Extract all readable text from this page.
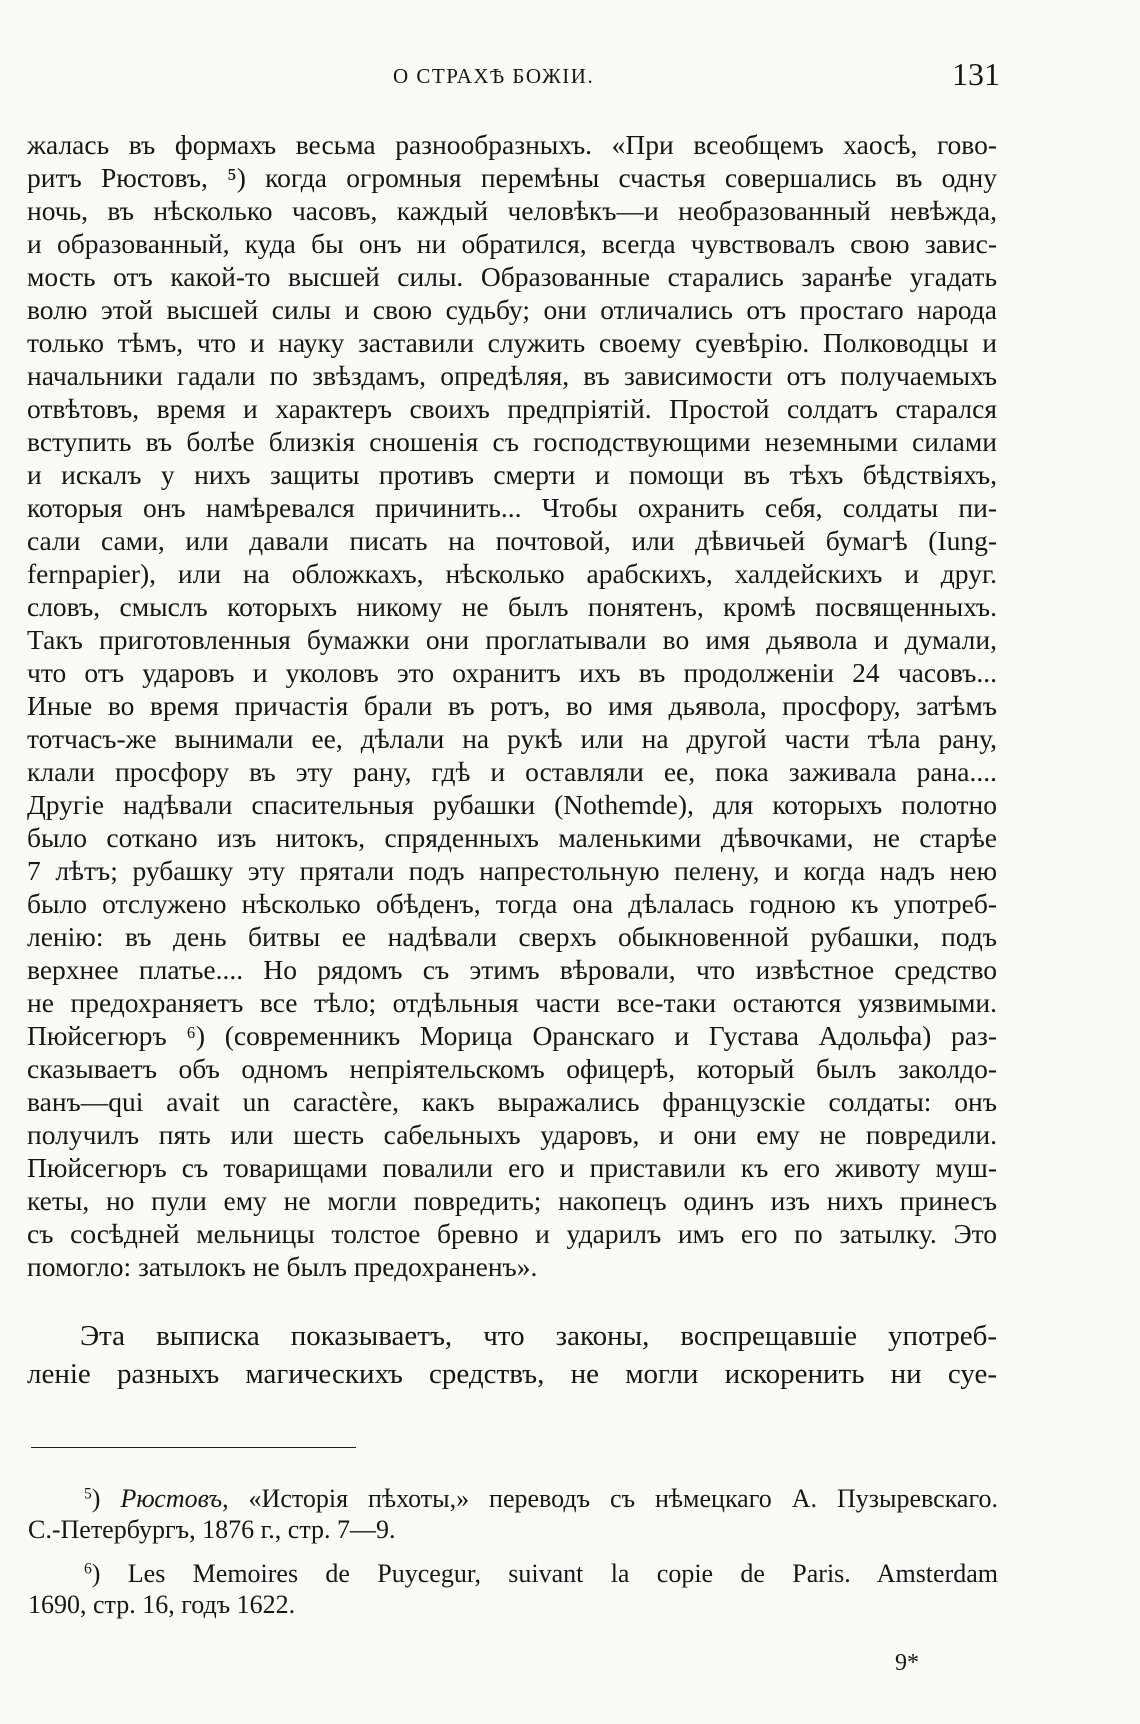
О СТРАХѢ БОЖІИ.	131
жалась въ формахъ весьма разнообразныхъ. «При всеобщемъ хаосѣ, гово-
ритъ Рюстовъ, ⁵) когда огромныя перемѣны счастья совершались въ одну
ночь, въ нѣсколько часовъ, каждый человѣкъ—и необразованный невѣжда,
и образованный, куда бы онъ ни обратился, всегда чувствовалъ свою завис-
мость отъ какой-то высшей силы. Образованные старались заранѣе угадать
волю этой высшей силы и свою судьбу; они отличались отъ простаго народа
только тѣмъ, что и науку заставили служить своему суевѣрію. Полководцы и
начальники гадали по звѣздамъ, опредѣляя, въ зависимости отъ получаемыхъ
отвѣтовъ, время и характеръ своихъ предпріятій. Простой солдатъ старался
вступить въ болѣе близкія сношенія съ господствующими неземными силами
и искалъ у нихъ защиты противъ смерти и помощи въ тѣхъ бѣдствіяхъ,
которыя онъ намѣревался причинить... Чтобы охранить себя, солдаты пи-
сали сами, или давали писать на почтовой, или дѣвичьей бумагѣ (Iung-
fernpapier), или на обложкахъ, нѣсколько арабскихъ, халдейскихъ и друг.
словъ, смыслъ которыхъ никому не былъ понятенъ, кромѣ посвященныхъ.
Такъ приготовленныя бумажки они проглатывали во имя дьявола и думали,
что отъ ударовъ и уколовъ это охранитъ ихъ въ продолженіи 24 часовъ...
Иные во время причастія брали въ ротъ, во имя дьявола, просфору, затѣмъ
тотчасъ-же вынимали ее, дѣлали на рукѣ или на другой части тѣла рану,
клали просфору въ эту рану, гдѣ и оставляли ее, пока заживала рана....
Другіе надѣвали спасительныя рубашки (Nothemde), для которыхъ полотно
было соткано изъ нитокъ, спряденныхъ маленькими дѣвочками, не старѣе
7 лѣтъ; рубашку эту прятали подъ напрестольную пелену, и когда надъ нею
было отслужено нѣсколько обѣденъ, тогда она дѣлалась годною къ употреб-
ленію: въ день битвы ее надѣвали сверхъ обыкновенной рубашки, подъ
верхнее платье.... Но рядомъ съ этимъ вѣровали, что извѣстное средство
не предохраняетъ все тѣло; отдѣльныя части все-таки остаются уязвимыми.
Пюйсегюръ ⁶) (современникъ Морица Оранскаго и Густава Адольфа) раз-
сказываетъ объ одномъ непріятельскомъ офицерѣ, который былъ заколдо-
ванъ—qui avait un caractère, какъ выражались французскіе солдаты: онъ
получилъ пять или шесть сабельныхъ ударовъ, и они ему не повредили.
Пюйсегюръ съ товарищами повалили его и приставили къ его животу муш-
кеты, но пули ему не могли повредить; накопецъ одинъ изъ нихъ принесъ
съ сосѣдней мельницы толстое бревно и ударилъ имъ его по затылку. Это
помогло: затылокъ не былъ предохраненъ».
Эта выписка показываетъ, что законы, воспрещавшіе употреб-
леніе разныхъ магическихъ средствъ, не могли искоренить ни суе-
$^5$) Рюстовъ, «Исторія пѣхоты,» переводъ съ нѣмецкаго А. Пузыревскаго.
С.-Петербургъ, 1876 г., стр. 7—9.
$^6$) Les Memoires de Puycegur, suivant la copie de Paris. Amsterdam
1690, стр. 16, годъ 1622.
9*
